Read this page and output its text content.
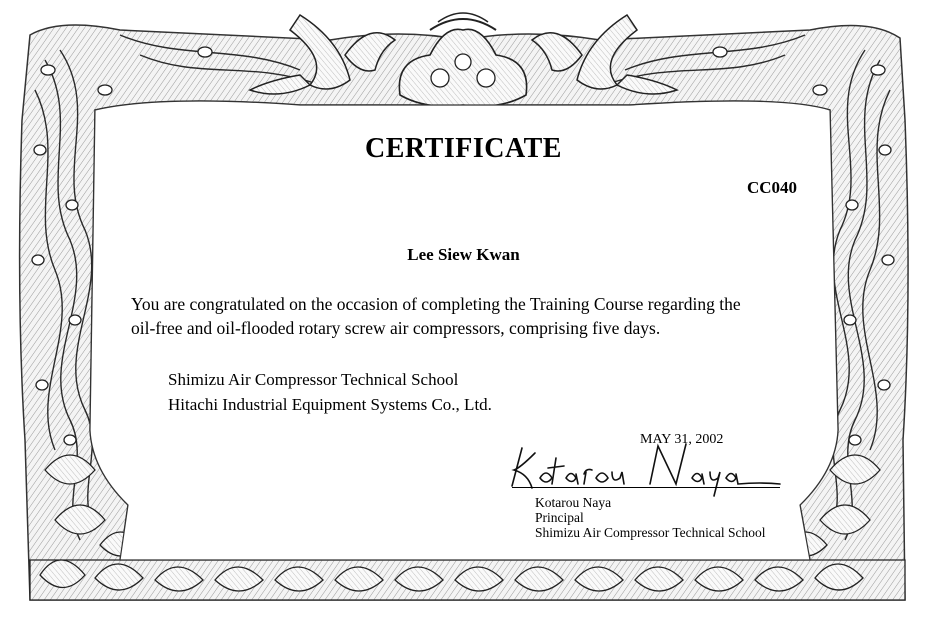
CERTIFICATE
CC040
Lee Siew Kwan
You are congratulated on the occasion of completing the Training Course regarding the
oil-free and oil-flooded rotary screw air compressors, comprising five days.
Shimizu Air Compressor Technical School
Hitachi Industrial Equipment Systems Co., Ltd.
MAY 31, 2002
Kotarou Naya
Principal
Shimizu Air Compressor Technical School
